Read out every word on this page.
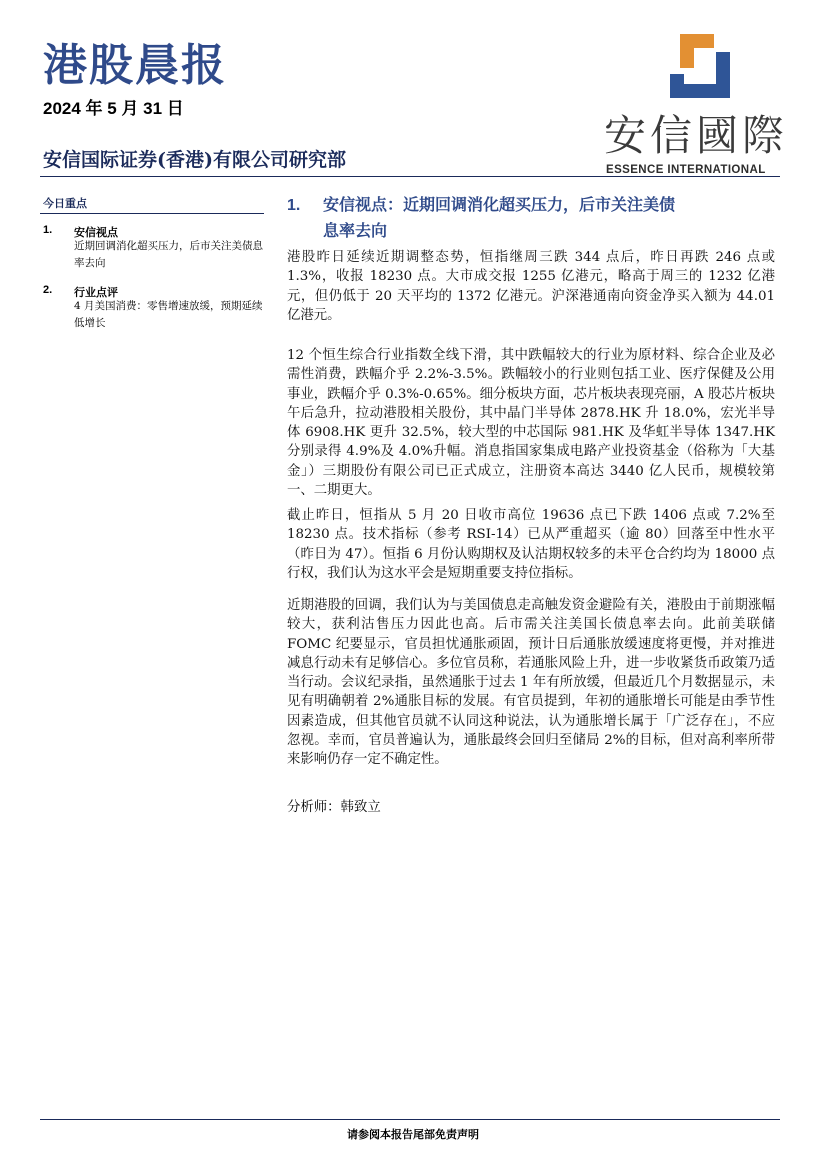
港股晨报
2024 年 5 月 31 日
安信国际证券(香港)有限公司研究部	安信國際
ESSENCE INTERNATIONAL
今日重点
1. 安信视点
近期回调消化超买压力，后市关注美债息率去向
2. 行业点评
4 月美国消费：零售增速放缓，预期延续低增长
1. 安信视点：近期回调消化超买压力，后市关注美债
息率去向
港股昨日延续近期调整态势，恒指继周三跌 344 点后，昨日再跌 246 点或 1.3%，收报 18230 点。大市成交报 1255 亿港元，略高于周三的 1232 亿港元，但仍低于 20 天平均的 1372 亿港元。沪深港通南向资金净买入额为 44.01 亿港元。
12 个恒生综合行业指数全线下滑，其中跌幅较大的行业为原材料、综合企业及必需性消费，跌幅介乎 2.2%-3.5%。跌幅较小的行业则包括工业、医疗保健及公用事业，跌幅介乎 0.3%-0.65%。细分板块方面，芯片板块表现亮丽，A 股芯片板块午后急升，拉动港股相关股份，其中晶门半导体 2878.HK 升 18.0%，宏光半导体 6908.HK 更升 32.5%，较大型的中芯国际 981.HK 及华虹半导体 1347.HK 分别录得 4.9%及 4.0%升幅。消息指国家集成电路产业投资基金（俗称为「大基金」）三期股份有限公司已正式成立，注册资本高达 3440 亿人民币，规模较第一、二期更大。
截止昨日，恒指从 5 月 20 日收市高位 19636 点已下跌 1406 点或 7.2%至 18230 点。技术指标（参考 RSI-14）已从严重超买（逾 80）回落至中性水平（昨日为 47）。恒指 6 月份认购期权及认沽期权较多的未平仓合约均为 18000 点行权，我们认为这水平会是短期重要支持位指标。
近期港股的回调，我们认为与美国债息走高触发资金避险有关，港股由于前期涨幅较大，获利沽售压力因此也高。后市需关注美国长债息率去向。此前美联储 FOMC 纪要显示，官员担忧通胀顽固，预计日后通胀放缓速度将更慢，并对推进减息行动未有足够信心。多位官员称，若通胀风险上升，进一步收紧货币政策乃适当行动。会议纪录指，虽然通胀于过去 1 年有所放缓，但最近几个月数据显示，未见有明确朝着 2%通胀目标的发展。有官员提到，年初的通胀增长可能是由季节性因素造成，但其他官员就不认同这种说法，认为通胀增长属于「广泛存在」，不应忽视。幸而，官员普遍认为，通胀最终会回归至储局 2%的目标，但对高利率所带来影响仍存一定不确定性。
分析师：韩致立
请参阅本报告尾部免责声明
